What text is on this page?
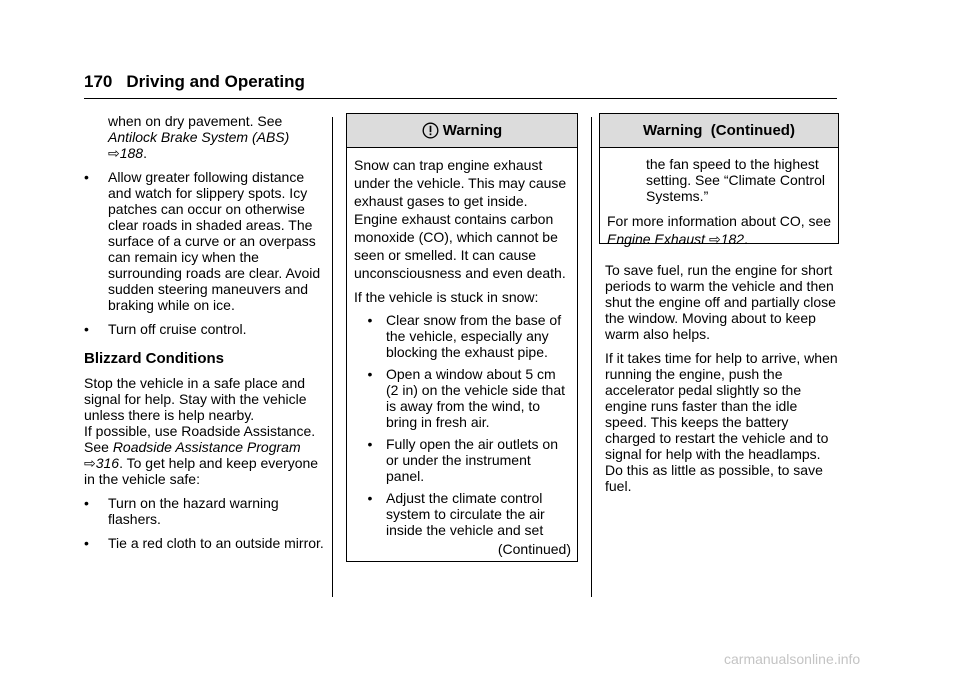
170 Driving and Operating
when on dry pavement. See Antilock Brake System (ABS) ⇨188.
•	Allow greater following distance and watch for slippery spots. Icy patches can occur on otherwise clear roads in shaded areas. The surface of a curve or an overpass can remain icy when the surrounding roads are clear. Avoid sudden steering maneuvers and braking while on ice.
•	Turn off cruise control.
Blizzard Conditions
Stop the vehicle in a safe place and signal for help. Stay with the vehicle unless there is help nearby.
If possible, use Roadside Assistance. See Roadside Assistance Program ⇨316. To get help and keep everyone in the vehicle safe:
•	Turn on the hazard warning flashers.
•	Tie a red cloth to an outside mirror.
Warning
Snow can trap engine exhaust under the vehicle. This may cause exhaust gases to get inside. Engine exhaust contains carbon monoxide (CO), which cannot be seen or smelled. It can cause unconsciousness and even death.
If the vehicle is stuck in snow:
• Clear snow from the base of the vehicle, especially any blocking the exhaust pipe.
• Open a window about 5 cm (2 in) on the vehicle side that is away from the wind, to bring in fresh air.
• Fully open the air outlets on or under the instrument panel.
• Adjust the climate control system to circulate the air inside the vehicle and set
(Continued)
Warning  (Continued)
the fan speed to the highest setting. See “Climate Control Systems.”
For more information about CO, see Engine Exhaust ⇨182.
To save fuel, run the engine for short periods to warm the vehicle and then shut the engine off and partially close the window. Moving about to keep warm also helps.
If it takes time for help to arrive, when running the engine, push the accelerator pedal slightly so the engine runs faster than the idle speed. This keeps the battery charged to restart the vehicle and to signal for help with the headlamps. Do this as little as possible, to save fuel.
carmanualsonline.info
